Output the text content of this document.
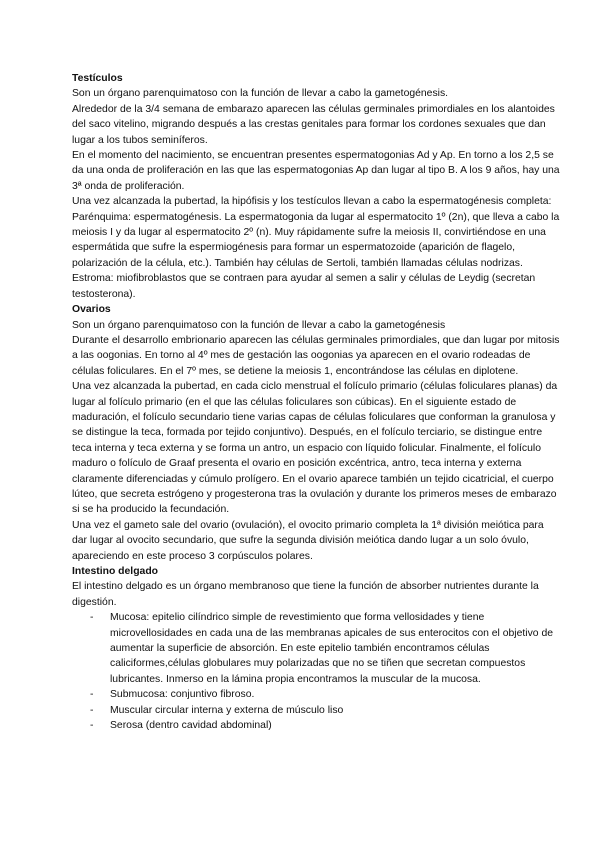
Testículos

Son un órgano parenquimatoso con la función de llevar a cabo la gametogénesis.

Alrededor de la 3/4 semana de embarazo aparecen las células germinales primordiales en los alantoides del saco vitelino, migrando después a las crestas genitales para formar los cordones sexuales que dan lugar a los tubos seminíferos.

En el momento del nacimiento, se encuentran presentes espermatogonias Ad y Ap. En torno a los 2,5 se da una onda de proliferación en las que las espermatogonias Ap dan lugar al tipo B. A los 9 años, hay una 3ª onda de proliferación.

Una vez alcanzada la pubertad, la hipófisis y los testículos llevan a cabo la espermatogénesis completa:

Parénquima: espermatogénesis. La espermatogonia da lugar al espermatocito 1º (2n), que lleva a cabo la meiosis I y da lugar al espermatocito 2º (n). Muy rápidamente sufre la meiosis II, convirtiéndose en una espermátida que sufre la espermiogénesis para formar un espermatozoide (aparición de flagelo, polarización de la célula, etc.). También hay células de Sertoli, también llamadas células nodrizas.

Estroma: miofibroblastos que se contraen para ayudar al semen a salir y células de Leydig (secretan testosterona).

Ovarios

Son un órgano parenquimatoso con la función de llevar a cabo la gametogénesis

Durante el desarrollo embrionario aparecen las células germinales primordiales, que dan lugar por mitosis a las oogonias. En torno al 4º mes de gestación las oogonias ya aparecen en el ovario rodeadas de células foliculares. En el 7º mes, se detiene la meiosis 1, encontrándose las células en diplotene.

Una vez alcanzada la pubertad, en cada ciclo menstrual el folículo primario (células foliculares planas) da lugar al folículo primario (en el que las células foliculares son cúbicas). En el siguiente estado de maduración, el folículo secundario tiene varias capas de células foliculares que conforman la granulosa y se distingue la teca, formada por tejido conjuntivo). Después, en el folículo terciario, se distingue entre teca interna y teca externa y se forma un antro, un espacio con líquido folicular. Finalmente, el folículo maduro o folículo de Graaf presenta el ovario en posición excéntrica, antro, teca interna y externa claramente diferenciadas y cúmulo prolígero. En el ovario aparece también un tejido cicatricial, el cuerpo lúteo, que secreta estrógeno y progesterona tras la ovulación y durante los primeros meses de embarazo si se ha producido la fecundación.

Una vez el gameto sale del ovario (ovulación), el ovocito primario completa la 1ª división meiótica para dar lugar al ovocito secundario, que sufre la segunda división meiótica dando lugar a un solo óvulo, apareciendo en este proceso 3 corpúsculos polares.

Intestino delgado

El intestino delgado es un órgano membranoso que tiene la función de absorber nutrientes durante la digestión.

- Mucosa: epitelio cilíndrico simple de revestimiento que forma vellosidades y tiene microvellosidades en cada una de las membranas apicales de sus enterocitos con el objetivo de aumentar la superficie de absorción. En este epitelio también encontramos células caliciformes,células globulares muy polarizadas que no se tiñen que secretan compuestos lubricantes. Inmerso en la lámina propia encontramos la muscular de la mucosa.
- Submucosa: conjuntivo fibroso.
- Muscular circular interna y externa de músculo liso
- Serosa (dentro cavidad abdominal)
